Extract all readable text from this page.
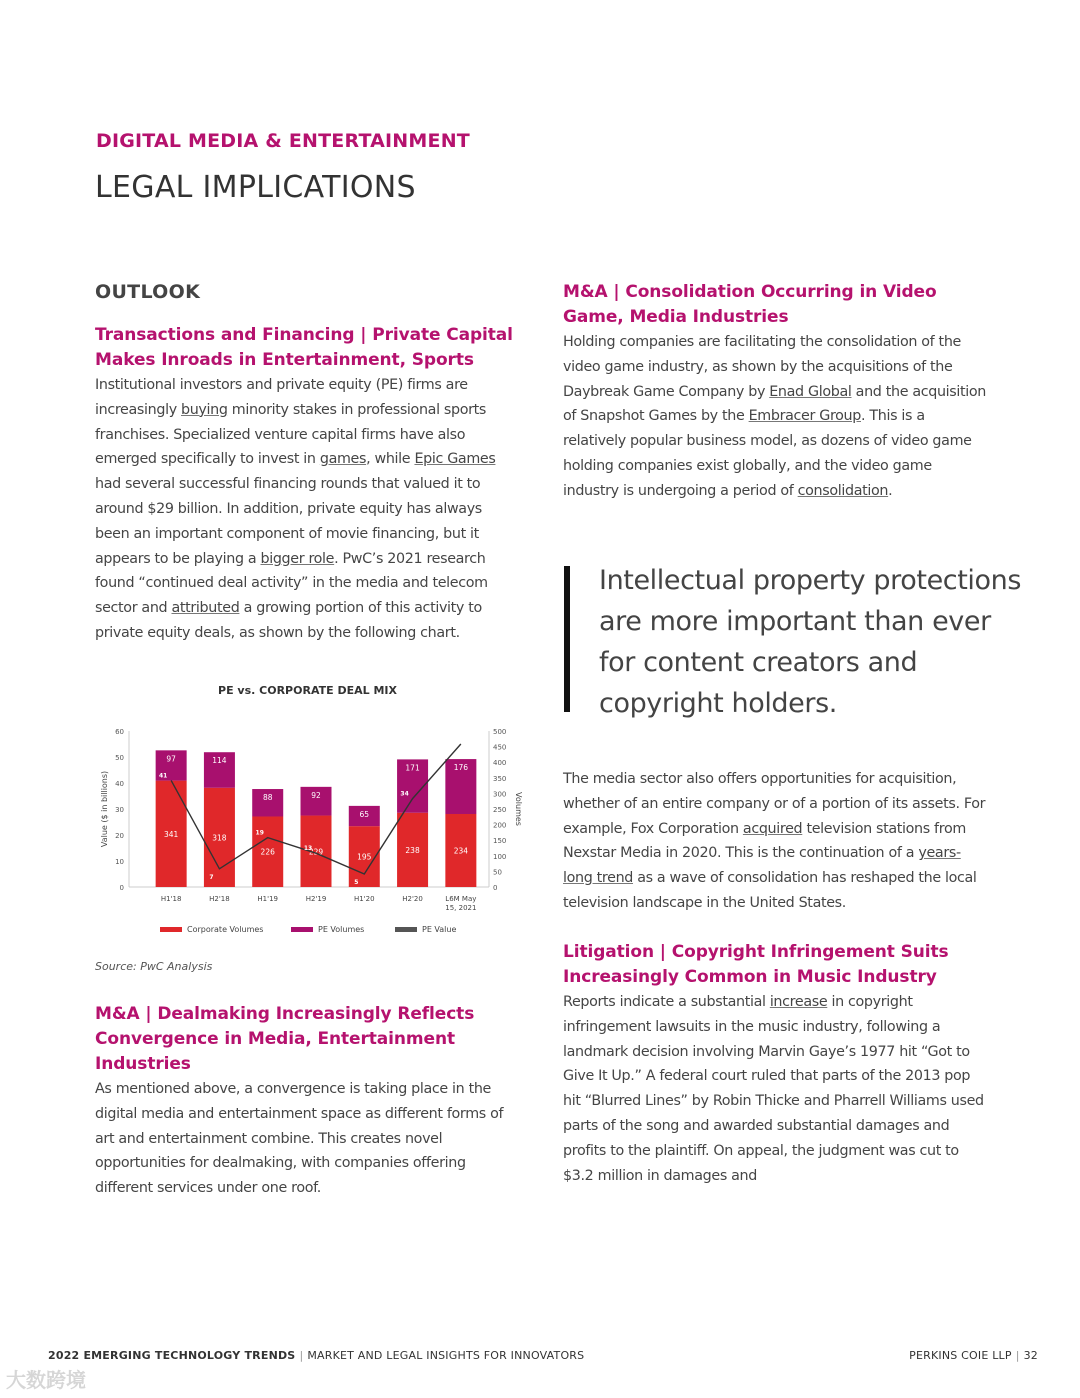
DIGITAL MEDIA & ENTERTAINMENT
LEGAL IMPLICATIONS
OUTLOOK
Transactions and Financing | Private Capital Makes Inroads in Entertainment, Sports

Institutional investors and private equity (PE) firms are increasingly buying minority stakes in professional sports franchises. Specialized venture capital firms have also emerged specifically to invest in games, while Epic Games had several successful financing rounds that valued it to around $29 billion. In addition, private equity has always been an important component of movie financing, but it appears to be playing a bigger role. PwC’s 2021 research found “continued deal activity” in the media and telecom sector and attributed a growing portion of this activity to private equity deals, as shown by the following chart.

PE vs. CORPORATE DEAL MIX
0
10
20
30
40
50
60
0
50
100
150
200
250
300
350
400
450
500
Value ($ in billions)	Volumes
341
97
318
114
226
88
229
92
195
65
238
171
234
176
41
7
19
13
5
34
55
H1'18	H2'18	H1'19	H2'19	H1'20	H2'20	L6M May
15, 2021
Corporate Volumes	PE Volumes	PE Value
Source: PwC Analysis
M&A | Dealmaking Increasingly Reflects Convergence in Media, Entertainment Industries

As mentioned above, a convergence is taking place in the digital media and entertainment space as different forms of art and entertainment combine. This creates novel opportunities for dealmaking, with companies offering different services under one roof.

M&A | Consolidation Occurring in Video Game, Media Industries

Holding companies are facilitating the consolidation of the video game industry, as shown by the acquisitions of the Daybreak Game Company by Enad Global and the acquisition of Snapshot Games by the Embracer Group. This is a relatively popular business model, as dozens of video game holding companies exist globally, and the video game industry is undergoing a period of consolidation.

Intellectual property protections are more important than ever for content creators and copyright holders.

The media sector also offers opportunities for acquisition, whether of an entire company or of a portion of its assets. For example, Fox Corporation acquired television stations from Nexstar Media in 2020. This is the continuation of a years-long trend as a wave of consolidation has reshaped the local television landscape in the United States.

Litigation | Copyright Infringement Suits Increasingly Common in Music Industry

Reports indicate a substantial increase in copyright infringement lawsuits in the music industry, following a landmark decision involving Marvin Gaye’s 1977 hit “Got to Give It Up.” A federal court ruled that parts of the 2013 pop hit “Blurred Lines” by Robin Thicke and Pharrell Williams used parts of the song and awarded substantial damages and profits to the plaintiff. On appeal, the judgment was cut to $3.2 million in damages and

2022 EMERGING TECHNOLOGY TRENDS | MARKET AND LEGAL INSIGHTS FOR INNOVATORS	PERKINS COIE LLP | 32
大数跨境
